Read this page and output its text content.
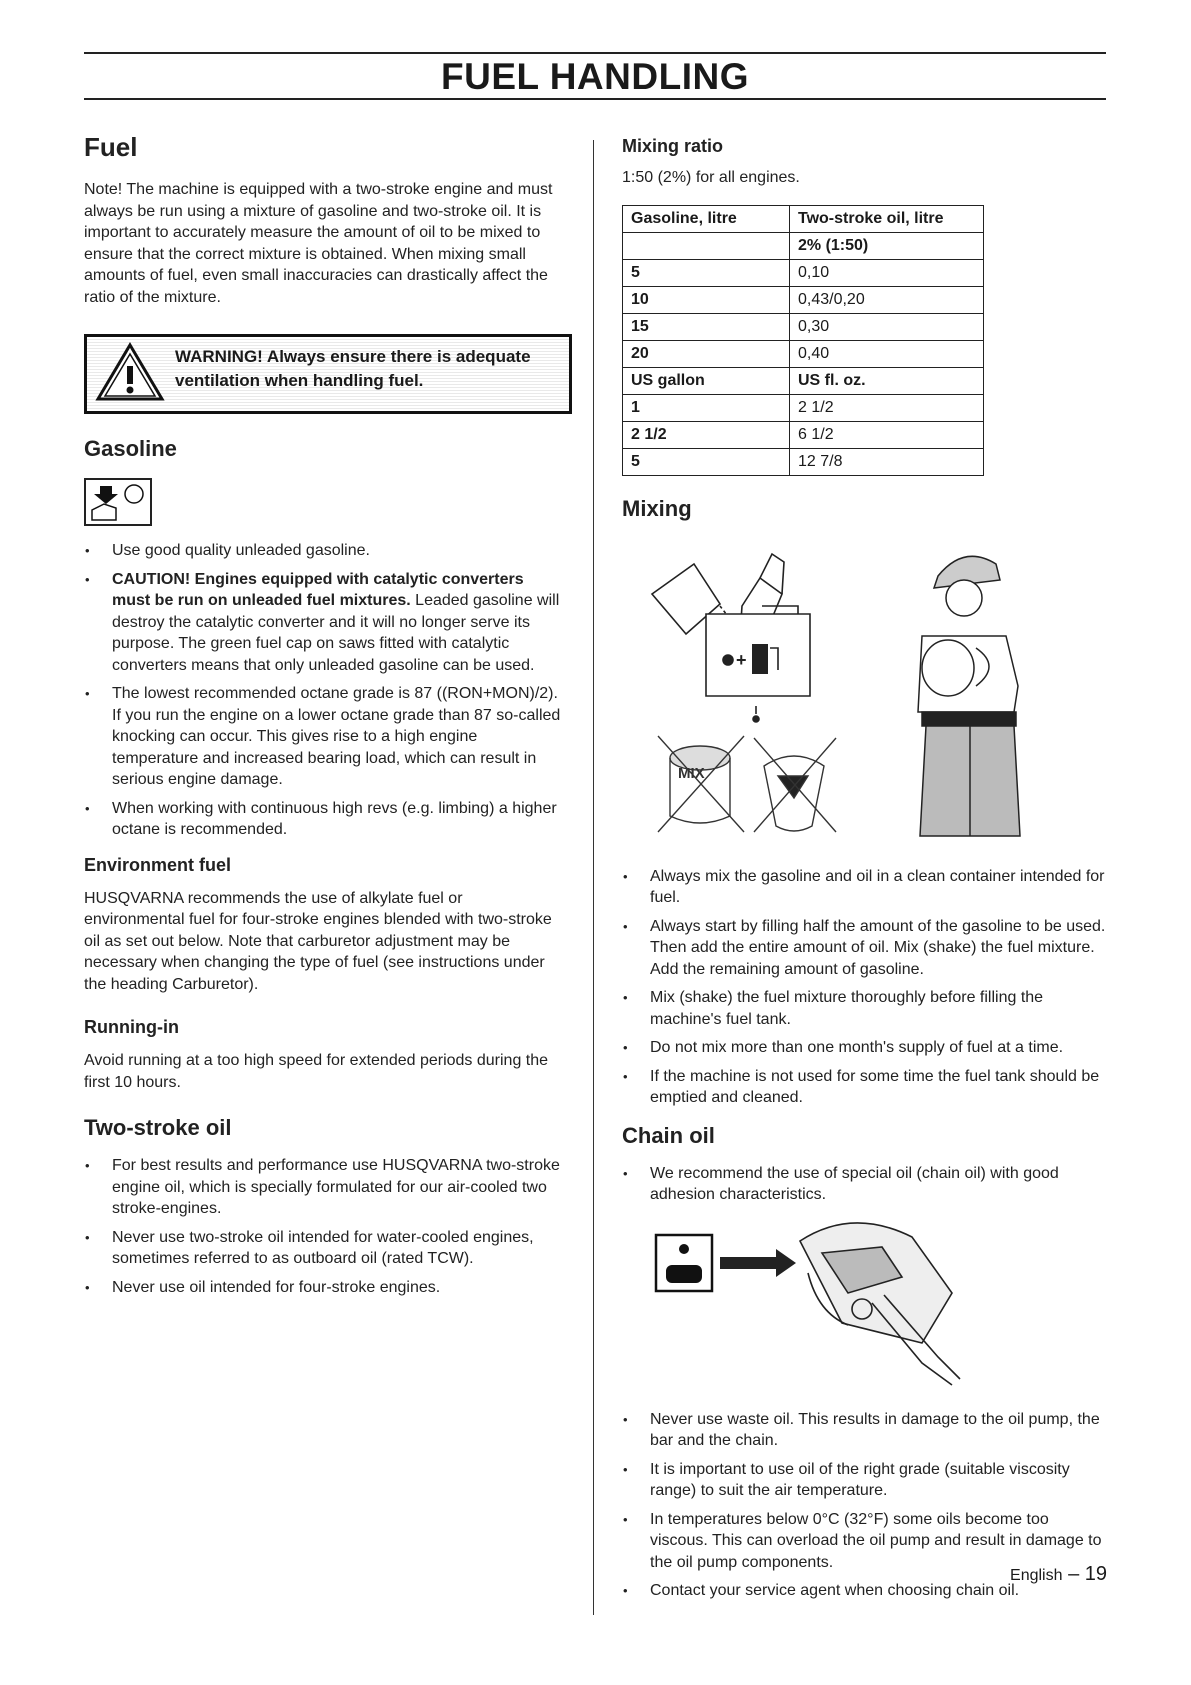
FUEL HANDLING
Fuel

Note! The machine is equipped with a two-stroke engine and must always be run using a mixture of gasoline and two-stroke oil. It is important to accurately measure the amount of oil to be mixed to ensure that the correct mixture is obtained. When mixing small amounts of fuel, even small inaccuracies can drastically affect the ratio of the mixture.

WARNING! Always ensure there is adequate ventilation when handling fuel.
Gasoline
• Use good quality unleaded gasoline.
• CAUTION! Engines equipped with catalytic converters must be run on unleaded fuel mixtures. Leaded gasoline will destroy the catalytic converter and it will no longer serve its purpose. The green fuel cap on saws fitted with catalytic converters means that only unleaded gasoline can be used.
• The lowest recommended octane grade is 87 ((RON+MON)/2). If you run the engine on a lower octane grade than 87 so-called knocking can occur. This gives rise to a high engine temperature and increased bearing load, which can result in serious engine damage.
• When working with continuous high revs (e.g. limbing) a higher octane is recommended.
Environment fuel

HUSQVARNA recommends the use of alkylate fuel or environmental fuel for four-stroke engines blended with two-stroke oil as set out below. Note that carburetor adjustment may be necessary when changing the type of fuel (see instructions under the heading Carburetor).

Running-in

Avoid running at a too high speed for extended periods during the first 10 hours.

Two-stroke oil
• For best results and performance use HUSQVARNA two-stroke engine oil, which is specially formulated for our air-cooled two stroke-engines.
• Never use two-stroke oil intended for water-cooled engines, sometimes referred to as outboard oil (rated TCW).
• Never use oil intended for four-stroke engines.
Mixing ratio

1:50 (2%) for all engines.

Gasoline, litre	Two-stroke oil, litre
	2% (1:50)
5	0,10
10	0,43/0,20
15	0,30
20	0,40
US gallon	US fl. oz.
1	2 1/2
2 1/2	6 1/2
5	12 7/8
Mixing
+
MIX
• Always mix the gasoline and oil in a clean container intended for fuel.
• Always start by filling half the amount of the gasoline to be used. Then add the entire amount of oil. Mix (shake) the fuel mixture. Add the remaining amount of gasoline.
• Mix (shake) the fuel mixture thoroughly before filling the machine's fuel tank.
• Do not mix more than one month's supply of fuel at a time.
• If the machine is not used for some time the fuel tank should be emptied and cleaned.
Chain oil
• We recommend the use of special oil (chain oil) with good adhesion characteristics.
• Never use waste oil. This results in damage to the oil pump, the bar and the chain.
• It is important to use oil of the right grade (suitable viscosity range) to suit the air temperature.
• In temperatures below 0°C (32°F) some oils become too viscous. This can overload the oil pump and result in damage to the oil pump components.
• Contact your service agent when choosing chain oil.
English – 19
